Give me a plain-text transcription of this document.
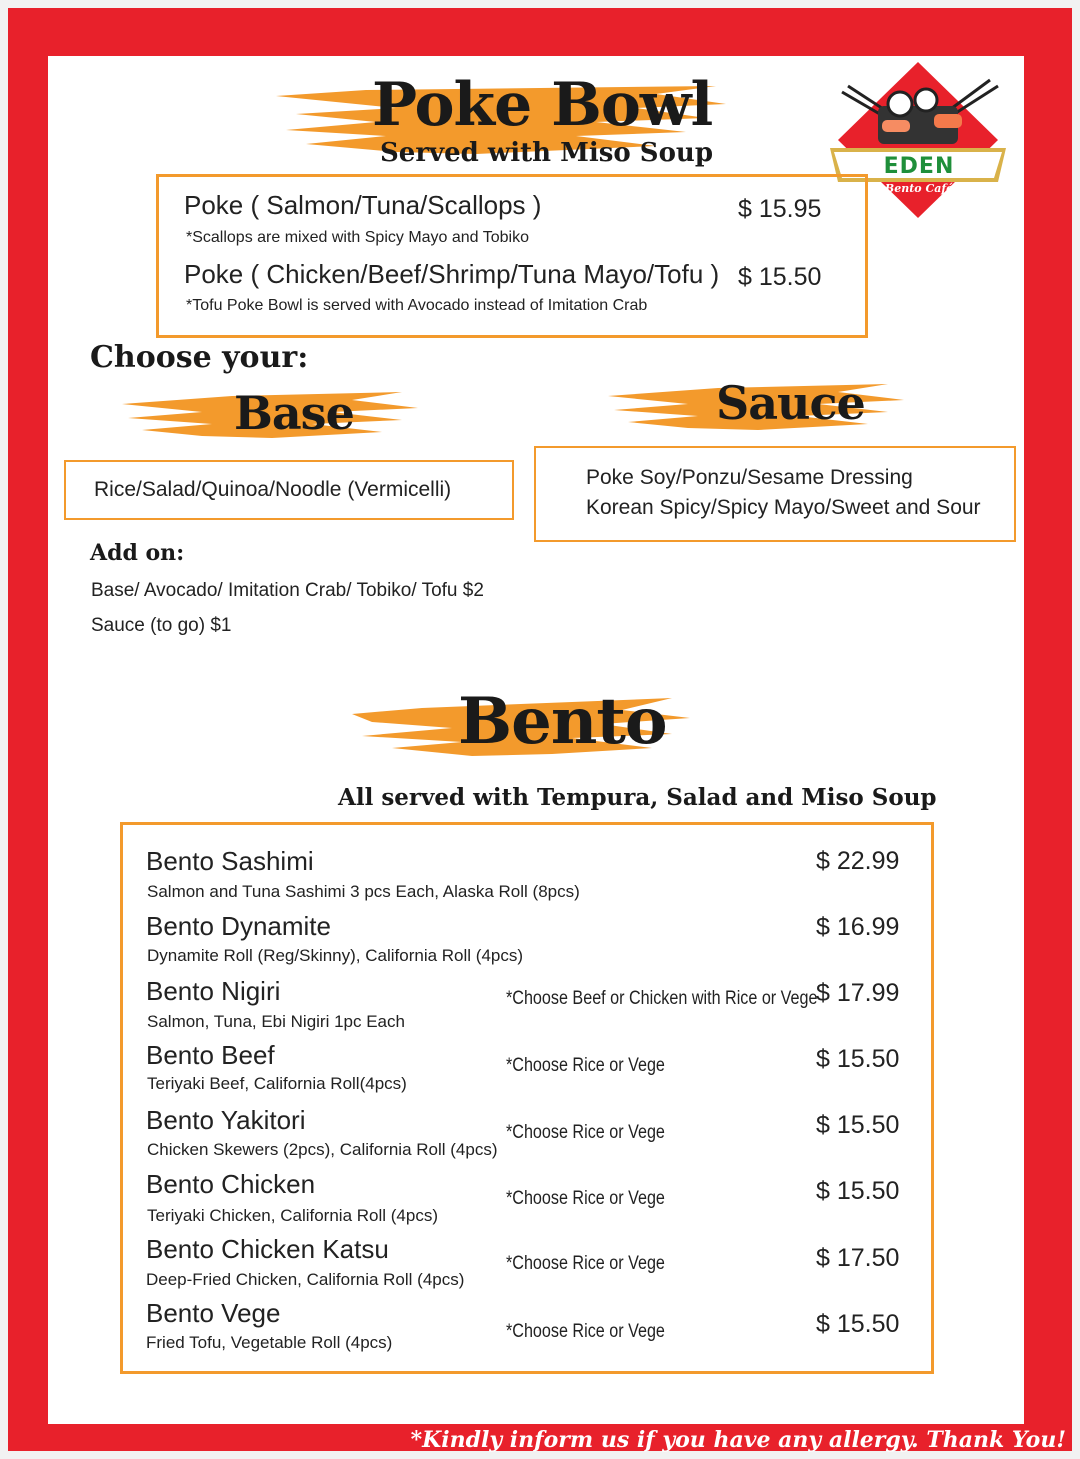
Poke Bowl
Served with Miso Soup	EDEN
Bento Café
Poke ( Salmon/Tuna/Scallops )
*Scallops are mixed with Spicy Mayo and Tobiko
$ 15.95
Poke ( Chicken/Beef/Shrimp/Tuna Mayo/Tofu )
*Tofu Poke Bowl is served with Avocado instead of Imitation Crab
$ 15.50
Choose your:
Base	Sauce
Rice/Salad/Quinoa/Noodle (Vermicelli)
Poke Soy/Ponzu/Sesame Dressing
Korean Spicy/Spicy Mayo/Sweet and Sour
Add on:
Base/ Avocado/ Imitation Crab/ Tobiko/ Tofu $2
Sauce (to go) $1
Bento
All served with Tempura, Salad and Miso Soup
Bento Sashimi
Salmon and Tuna Sashimi 3 pcs Each, Alaska Roll (8pcs)
$ 22.99
Bento Dynamite
Dynamite Roll (Reg/Skinny), California Roll (4pcs)
$ 16.99
Bento Nigiri
Salmon, Tuna, Ebi Nigiri 1pc Each
*Choose Beef or Chicken with Rice or Vege
$ 17.99
Bento Beef
Teriyaki Beef, California Roll(4pcs)
*Choose Rice or Vege	$ 15.50
Bento Yakitori
Chicken Skewers (2pcs), California Roll (4pcs)
*Choose Rice or Vege	$ 15.50
Bento Chicken
Teriyaki Chicken, California Roll (4pcs)
*Choose Rice or Vege	$ 15.50
Bento Chicken Katsu
Deep-Fried Chicken, California Roll (4pcs)
*Choose Rice or Vege	$ 17.50
Bento Vege
Fried Tofu, Vegetable Roll (4pcs)
*Choose Rice or Vege	$ 15.50
*Kindly inform us if you have any allergy. Thank You!
